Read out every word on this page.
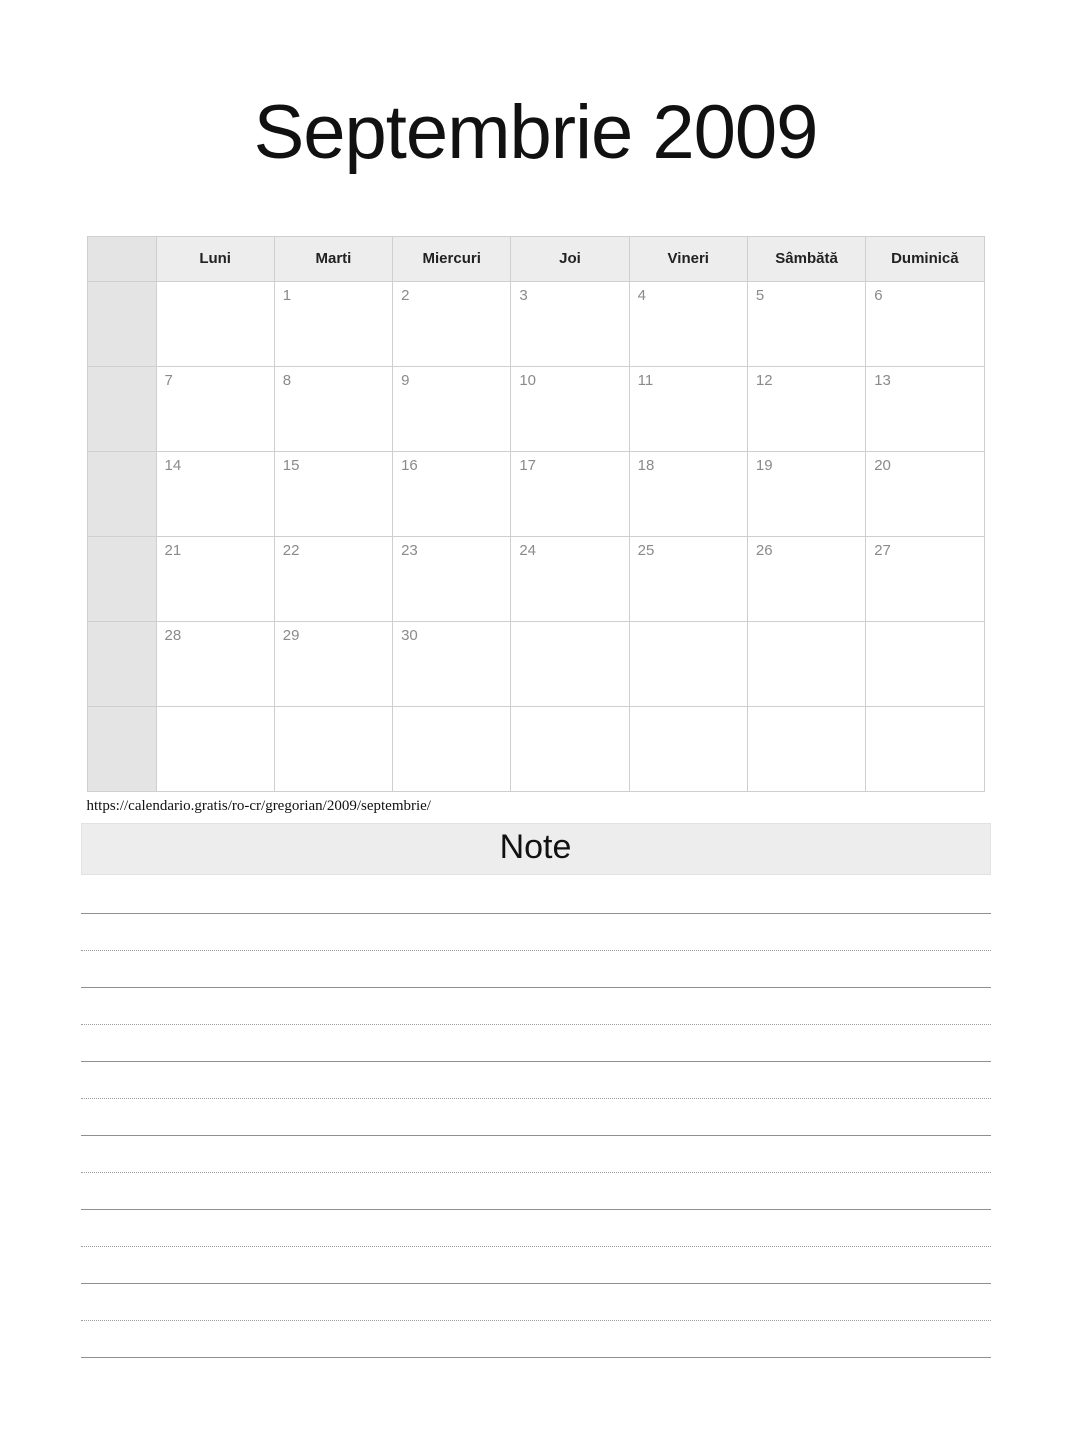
Septembrie 2009
	Luni	Marti	Miercuri	Joi	Vineri	Sâmbătă	Duminică

		1	2	3	4	5	6

	7	8	9	10	11	12	13

	14	15	16	17	18	19	20

	21	22	23	24	25	26	27

	28	29	30				

https://calendario.gratis/ro-cr/gregorian/2009/septembrie/
Note
